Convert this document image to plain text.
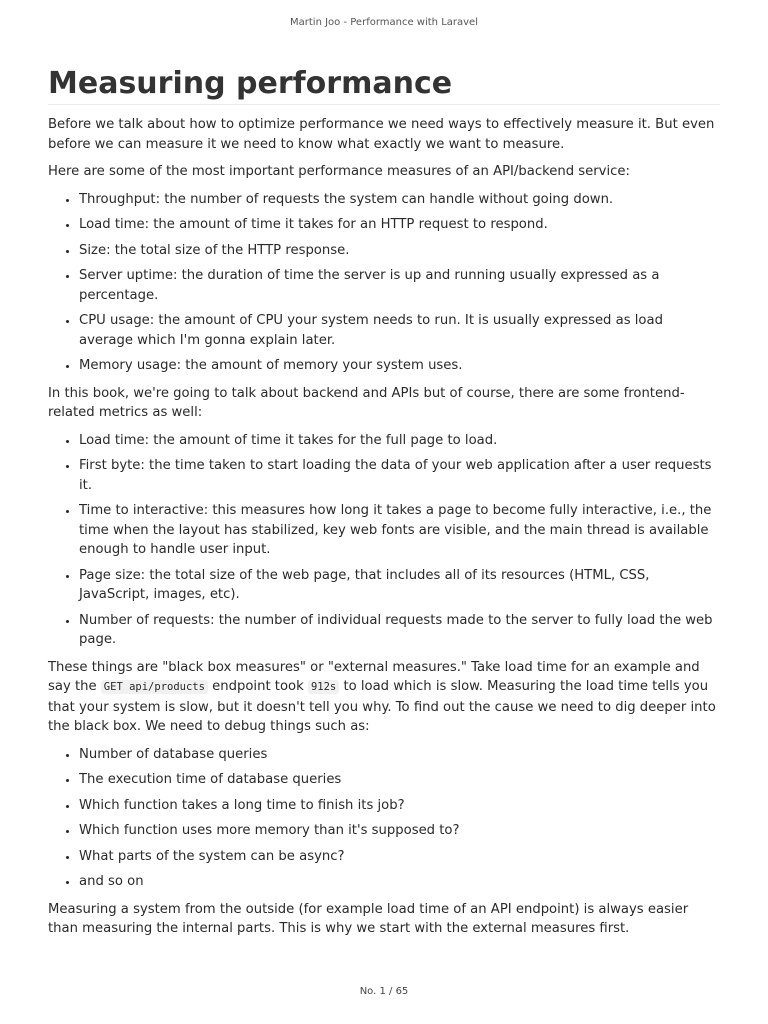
Martin Joo - Performance with Laravel
Measuring performance

Before we talk about how to optimize performance we need ways to effectively measure it. But even before we can measure it we need to know what exactly we want to measure.

Here are some of the most important performance measures of an API/backend service:

• Throughput: the number of requests the system can handle without going down.
• Load time: the amount of time it takes for an HTTP request to respond.
• Size: the total size of the HTTP response.
• Server uptime: the duration of time the server is up and running usually expressed as a percentage.
• CPU usage: the amount of CPU your system needs to run. It is usually expressed as load average which I'm gonna explain later.
• Memory usage: the amount of memory your system uses.

In this book, we're going to talk about backend and APIs but of course, there are some frontend-related metrics as well:

• Load time: the amount of time it takes for the full page to load.
• First byte: the time taken to start loading the data of your web application after a user requests it.
• Time to interactive: this measures how long it takes a page to become fully interactive, i.e., the time when the layout has stabilized, key web fonts are visible, and the main thread is available enough to handle user input.
• Page size: the total size of the web page, that includes all of its resources (HTML, CSS, JavaScript, images, etc).
• Number of requests: the number of individual requests made to the server to fully load the web page.

These things are "black box measures" or "external measures." Take load time for an example and say the GET api/products endpoint took 912s to load which is slow. Measuring the load time tells you that your system is slow, but it doesn't tell you why. To find out the cause we need to dig deeper into the black box. We need to debug things such as:

• Number of database queries
• The execution time of database queries
• Which function takes a long time to finish its job?
• Which function uses more memory than it's supposed to?
• What parts of the system can be async?
• and so on

Measuring a system from the outside (for example load time of an API endpoint) is always easier than measuring the internal parts. This is why we start with the external measures first.

No. 1 / 65
